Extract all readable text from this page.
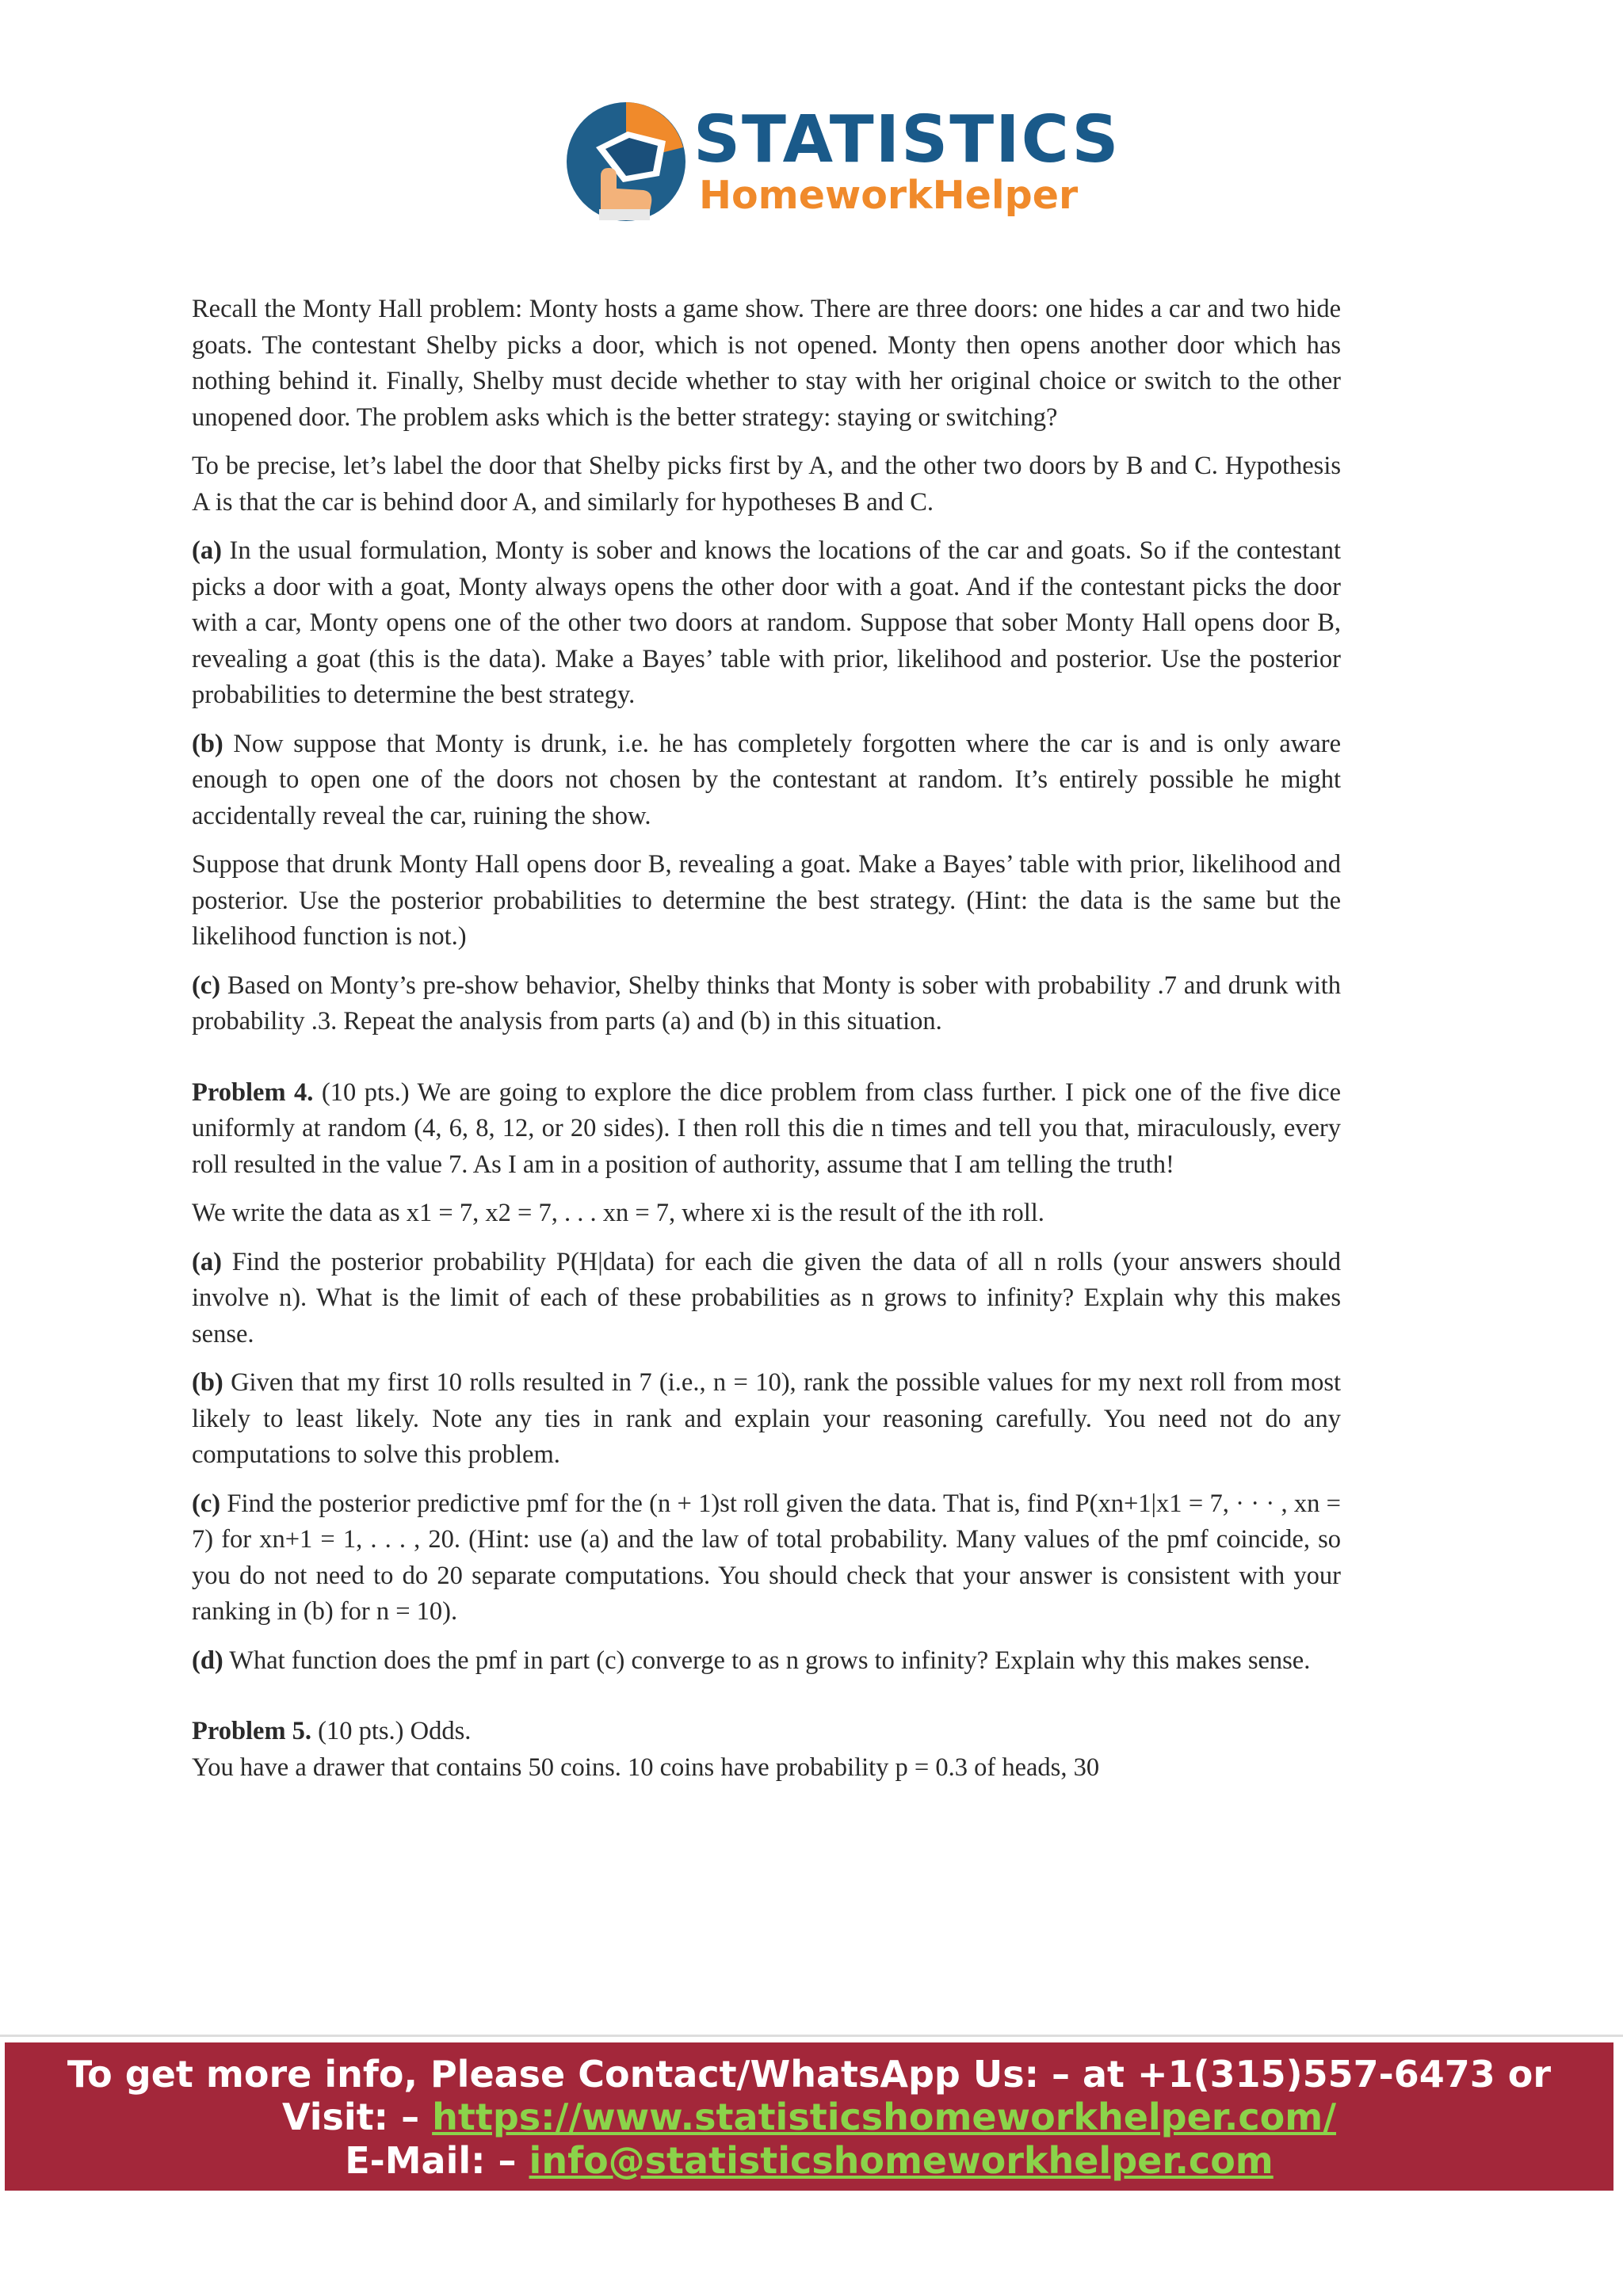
STATISTICS
HomeworkHelper

Recall the Monty Hall problem: Monty hosts a game show. There are three doors: one hides a car and two hide goats. The contestant Shelby picks a door, which is not opened. Monty then opens another door which has nothing behind it. Finally, Shelby must decide whether to stay with her original choice or switch to the other unopened door. The problem asks which is the better strategy: staying or switching?

To be precise, let’s label the door that Shelby picks first by A, and the other two doors by B and C. Hypothesis A is that the car is behind door A, and similarly for hypotheses B and C.

(a) In the usual formulation, Monty is sober and knows the locations of the car and goats. So if the contestant picks a door with a goat, Monty always opens the other door with a goat. And if the contestant picks the door with a car, Monty opens one of the other two doors at random. Suppose that sober Monty Hall opens door B, revealing a goat (this is the data). Make a Bayes’ table with prior, likelihood and posterior. Use the posterior probabilities to determine the best strategy.

(b) Now suppose that Monty is drunk, i.e. he has completely forgotten where the car is and is only aware enough to open one of the doors not chosen by the contestant at random. It’s entirely possible he might accidentally reveal the car, ruining the show.

Suppose that drunk Monty Hall opens door B, revealing a goat. Make a Bayes’ table with prior, likelihood and posterior. Use the posterior probabilities to determine the best strategy. (Hint: the data is the same but the likelihood function is not.)

(c) Based on Monty’s pre-show behavior, Shelby thinks that Monty is sober with probability .7 and drunk with probability .3. Repeat the analysis from parts (a) and (b) in this situation.

Problem 4. (10 pts.) We are going to explore the dice problem from class further. I pick one of the five dice uniformly at random (4, 6, 8, 12, or 20 sides). I then roll this die n times and tell you that, miraculously, every roll resulted in the value 7. As I am in a position of authority, assume that I am telling the truth!

We write the data as x1 = 7, x2 = 7, . . . xn = 7, where xi is the result of the ith roll.

(a) Find the posterior probability P(H|data) for each die given the data of all n rolls (your answers should involve n). What is the limit of each of these probabilities as n grows to infinity? Explain why this makes sense.

(b) Given that my first 10 rolls resulted in 7 (i.e., n = 10), rank the possible values for my next roll from most likely to least likely. Note any ties in rank and explain your reasoning carefully. You need not do any computations to solve this problem.

(c) Find the posterior predictive pmf for the (n + 1)st roll given the data. That is, find P(xn+1|x1 = 7, · · · , xn = 7) for xn+1 = 1, . . . , 20. (Hint: use (a) and the law of total probability. Many values of the pmf coincide, so you do not need to do 20 separate computations. You should check that your answer is consistent with your ranking in (b) for n = 10).

(d) What function does the pmf in part (c) converge to as n grows to infinity? Explain why this makes sense.

Problem 5. (10 pts.) Odds.

You have a drawer that contains 50 coins. 10 coins have probability p = 0.3 of heads, 30

To get more info, Please Contact/WhatsApp Us: – at +1(315)557-6473 or
Visit: – https://www.statisticshomeworkhelper.com/
E-Mail: – info@statisticshomeworkhelper.com
